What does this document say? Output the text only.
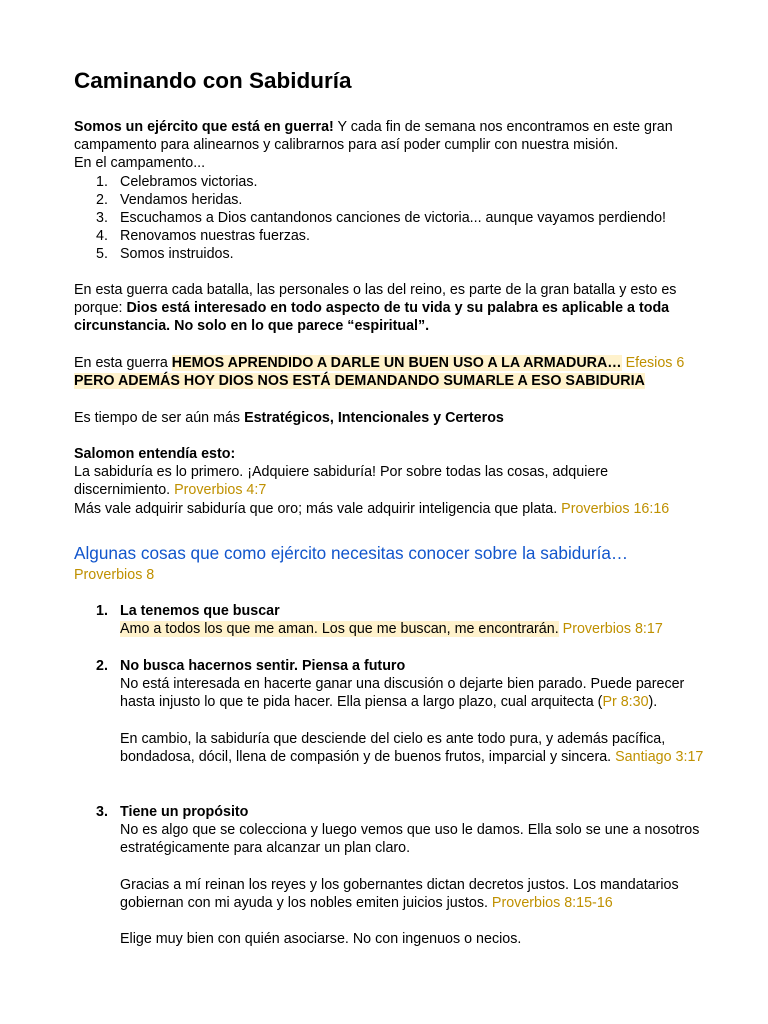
Caminando con Sabiduría
Somos un ejército que está en guerra! Y cada fin de semana nos encontramos en este gran campamento para alinearnos y calibrarnos para así poder cumplir con nuestra misión.
En el campamento...
1. Celebramos victorias.
2. Vendamos heridas.
3. Escuchamos a Dios cantandonos canciones de victoria... aunque vayamos perdiendo!
4. Renovamos nuestras fuerzas.
5. Somos instruidos.
En esta guerra cada batalla, las personales o las del reino, es parte de la gran batalla y esto es porque: Dios está interesado en todo aspecto de tu vida y su palabra es aplicable a toda circunstancia. No solo en lo que parece “espiritual”.
En esta guerra HEMOS APRENDIDO A DARLE UN BUEN USO A LA ARMADURA… Efesios 6
PERO ADEMÁS HOY DIOS NOS ESTÁ DEMANDANDO SUMARLE A ESO SABIDURIA
Es tiempo de ser aún más Estratégicos, Intencionales y Certeros
Salomon entendía esto:
La sabiduría es lo primero. ¡Adquiere sabiduría! Por sobre todas las cosas, adquiere discernimiento. Proverbios 4:7
Más vale adquirir sabiduría que oro; más vale adquirir inteligencia que plata. Proverbios 16:16
Algunas cosas que como ejército necesitas conocer sobre la sabiduría…
Proverbios 8
1. La tenemos que buscar
Amo a todos los que me aman. Los que me buscan, me encontrarán. Proverbios 8:17
2. No busca hacernos sentir. Piensa a futuro
No está interesada en hacerte ganar una discusión o dejarte bien parado. Puede parecer hasta injusto lo que te pida hacer. Ella piensa a largo plazo, cual arquitecta (Pr 8:30).

En cambio, la sabiduría que desciende del cielo es ante todo pura, y además pacífica, bondadosa, dócil, llena de compasión y de buenos frutos, imparcial y sincera. Santiago 3:17

3. Tiene un propósito
No es algo que se colecciona y luego vemos que uso le damos. Ella solo se une a nosotros estratégicamente para alcanzar un plan claro.

Gracias a mí reinan los reyes y los gobernantes dictan decretos justos. Los mandatarios gobiernan con mi ayuda y los nobles emiten juicios justos. Proverbios 8:15-16

Elige muy bien con quién asociarse. No con ingenuos o necios.
